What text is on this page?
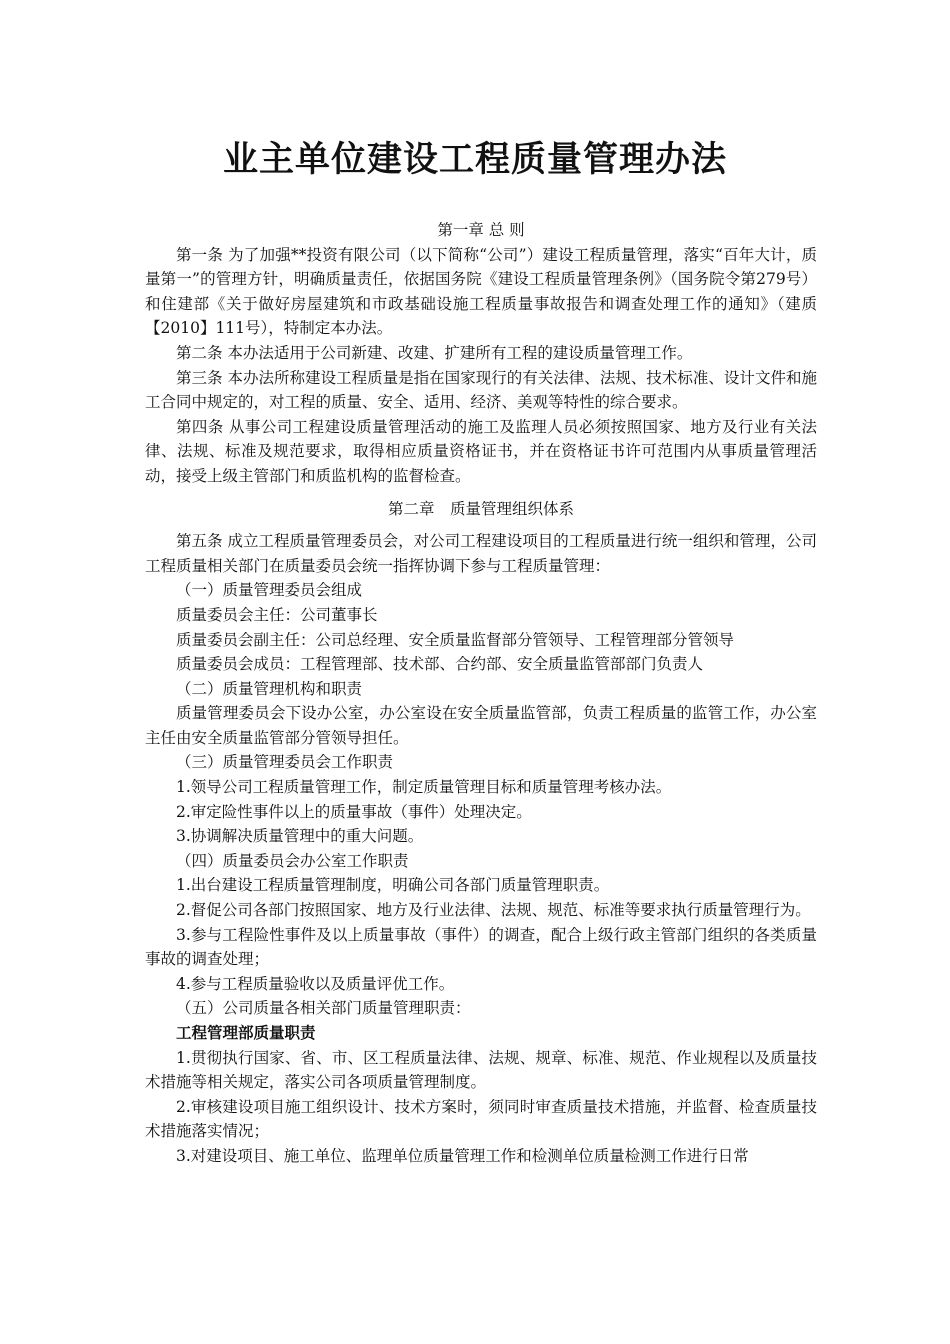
业主单位建设工程质量管理办法

第一章 总 则

第一条 为了加强**投资有限公司（以下简称“公司”）建设工程质量管理，落实“百年大计，质量第一”的管理方针，明确质量责任，依据国务院《建设工程质量管理条例》（国务院令第279号）和住建部《关于做好房屋建筑和市政基础设施工程质量事故报告和调查处理工作的通知》（建质【2010】111号），特制定本办法。

第二条 本办法适用于公司新建、改建、扩建所有工程的建设质量管理工作。

第三条 本办法所称建设工程质量是指在国家现行的有关法律、法规、技术标准、设计文件和施工合同中规定的，对工程的质量、安全、适用、经济、美观等特性的综合要求。

第四条 从事公司工程建设质量管理活动的施工及监理人员必须按照国家、地方及行业有关法律、法规、标准及规范要求，取得相应质量资格证书，并在资格证书许可范围内从事质量管理活动，接受上级主管部门和质监机构的监督检查。

第二章　质量管理组织体系

第五条 成立工程质量管理委员会，对公司工程建设项目的工程质量进行统一组织和管理，公司工程质量相关部门在质量委员会统一指挥协调下参与工程质量管理：

（一）质量管理委员会组成

质量委员会主任：公司董事长

质量委员会副主任：公司总经理、安全质量监督部分管领导、工程管理部分管领导

质量委员会成员：工程管理部、技术部、合约部、安全质量监管部部门负责人

（二）质量管理机构和职责

质量管理委员会下设办公室，办公室设在安全质量监管部，负责工程质量的监管工作，办公室主任由安全质量监管部分管领导担任。

（三）质量管理委员会工作职责

1.领导公司工程质量管理工作，制定质量管理目标和质量管理考核办法。

2.审定险性事件以上的质量事故（事件）处理决定。

3.协调解决质量管理中的重大问题。

（四）质量委员会办公室工作职责

1.出台建设工程质量管理制度，明确公司各部门质量管理职责。

2.督促公司各部门按照国家、地方及行业法律、法规、规范、标准等要求执行质量管理行为。

3.参与工程险性事件及以上质量事故（事件）的调查，配合上级行政主管部门组织的各类质量事故的调查处理；

4.参与工程质量验收以及质量评优工作。

（五）公司质量各相关部门质量管理职责：

工程管理部质量职责

1.贯彻执行国家、省、市、区工程质量法律、法规、规章、标准、规范、作业规程以及质量技术措施等相关规定，落实公司各项质量管理制度。

2.审核建设项目施工组织设计、技术方案时，须同时审查质量技术措施，并监督、检查质量技术措施落实情况；

3.对建设项目、施工单位、监理单位质量管理工作和检测单位质量检测工作进行日常
